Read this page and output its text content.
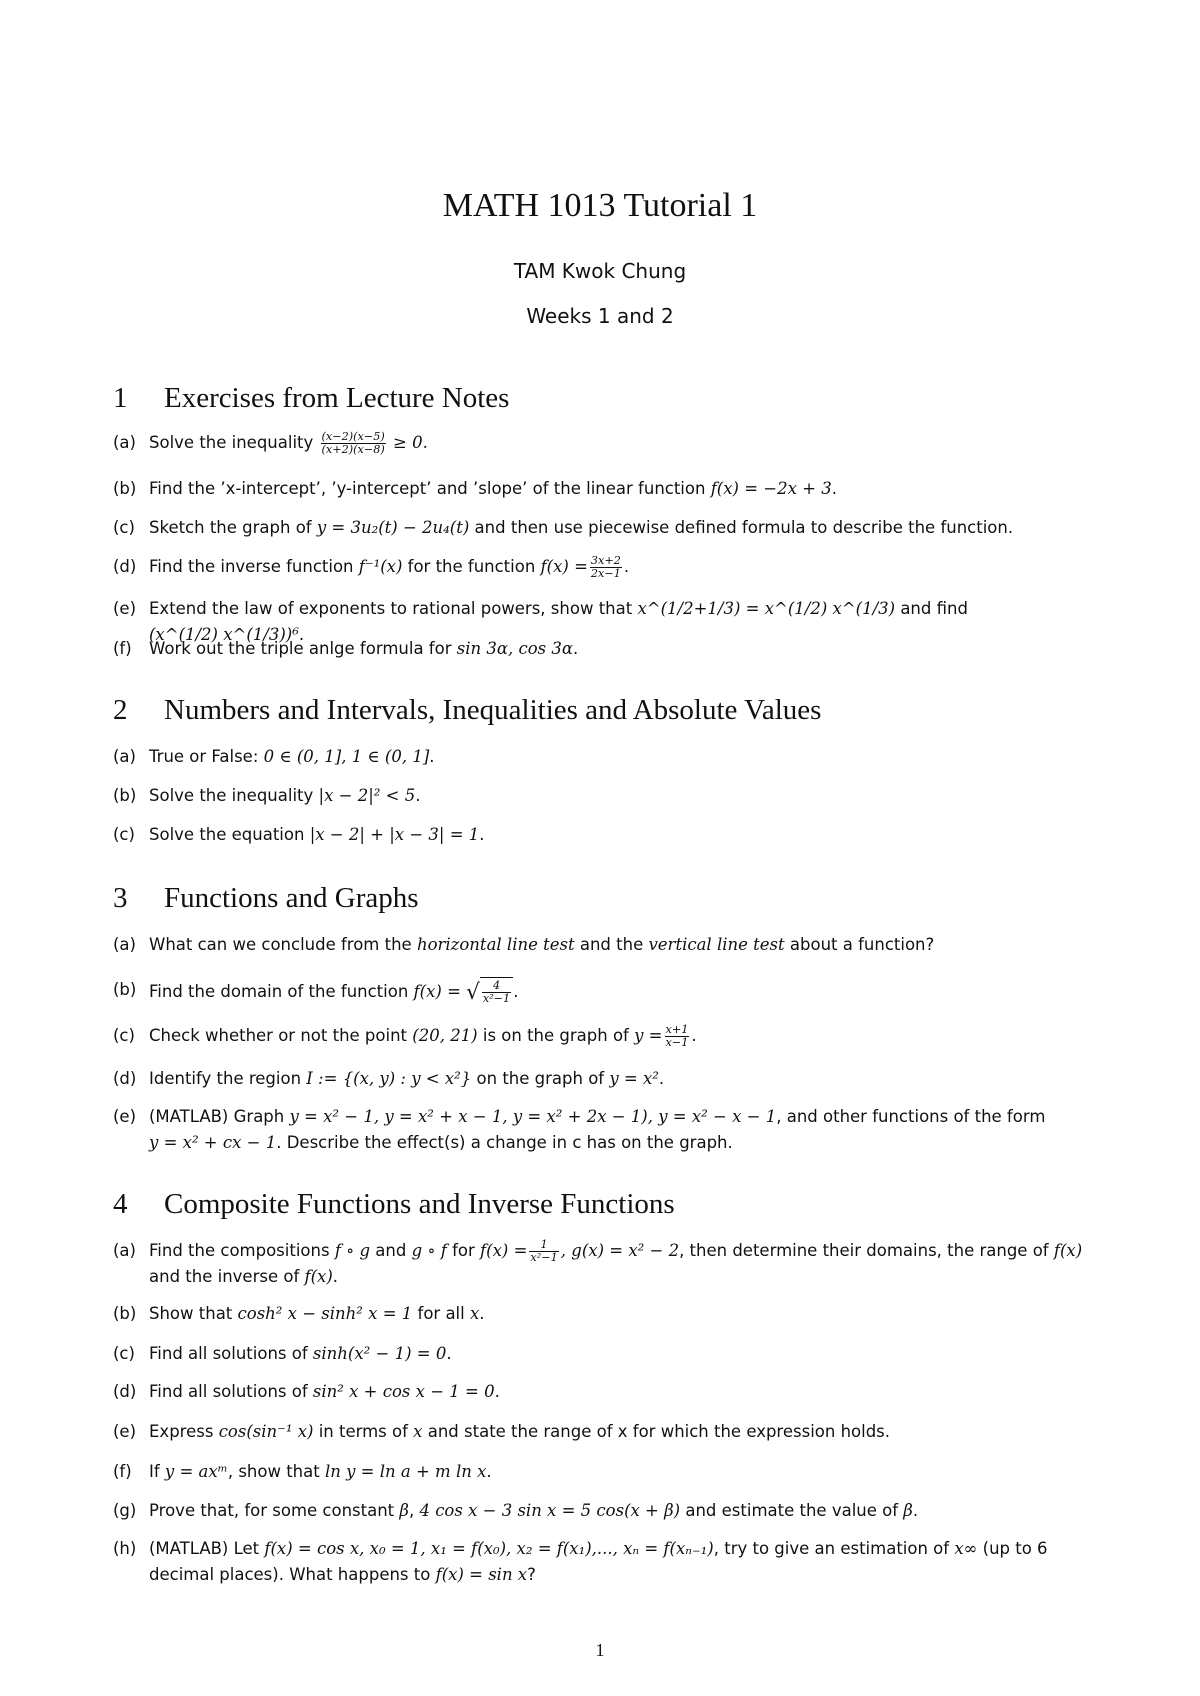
MATH 1013 Tutorial 1
TAM Kwok Chung
Weeks 1 and 2
1 Exercises from Lecture Notes
(a) Solve the inequality $\frac{(x-2)(x-5)}{(x+2)(x-8)} \ge 0$.
(b) Find the ’x-intercept’, ’y-intercept’ and ’slope’ of the linear function f(x) = −2x + 3.
(c) Sketch the graph of y = 3u₂(t) − 2u₄(t) and then use piecewise defined formula to describe the function.
(d) Find the inverse function f⁻¹(x) for the function $f(x) = \frac{3x+2}{2x-1}$ .
(e) Extend the law of exponents to rational powers, show that x^(1/2+1/3) = x^(1/2) x^(1/3) and find (x^(1/2) x^(1/3))⁶.
(f)	Work out the triple anlge formula for sin 3α, cos 3α.
2 Numbers and Intervals, Inequalities and Absolute Values
(a) True or False: 0 ∈ (0, 1], 1 ∈ (0, 1].
(b) Solve the inequality |x − 2|² < 5.
(c) Solve the equation |x − 2| + |x − 3| = 1.
3 Functions and Graphs
(a) What can we conclude from the horizontal line test and the vertical line test about a function?
(b) Find the domain of the function f(x) = √ $\frac{4}{\text{x²−1}}$ .
(c) Check whether or not the point (20, 21) is on the graph of $y = \frac{x+1}{x-1}$ .
(d) Identify the region I := {(x, y) : y < x²} on the graph of y = x².
(e) (MATLAB) Graph y = x² − 1, y = x² + x − 1, y = x² + 2x − 1), y = x² − x − 1, and other functions of the form y = x² + cx − 1. Describe the effect(s) a change in c has on the graph.
4 Composite Functions and Inverse Functions
(a) Find the compositions f ∘ g and g ∘ f for $f(x) = \frac{1}{\text{x²−1}}$ , g(x) = x² − 2, then determine their domains, the range of f(x) and the inverse of f(x).
(b) Show that cosh² x − sinh² x = 1 for all x.
(c) Find all solutions of sinh(x² − 1) = 0.
(d) Find all solutions of sin² x + cos x − 1 = 0.
(e) Express cos(sin⁻¹ x) in terms of x and state the range of x for which the expression holds.
(f)	If y = axᵐ, show that ln y = ln a + m ln x.
(g) Prove that, for some constant β, 4 cos x − 3 sin x = 5 cos(x + β) and estimate the value of β.
(h) (MATLAB) Let f(x) = cos x, x₀ = 1, x₁ = f(x₀), x₂ = f(x₁),..., xₙ = f(xₙ₋₁), try to give an estimation of x∞ (up to 6 decimal places). What happens to f(x) = sin x?
1
